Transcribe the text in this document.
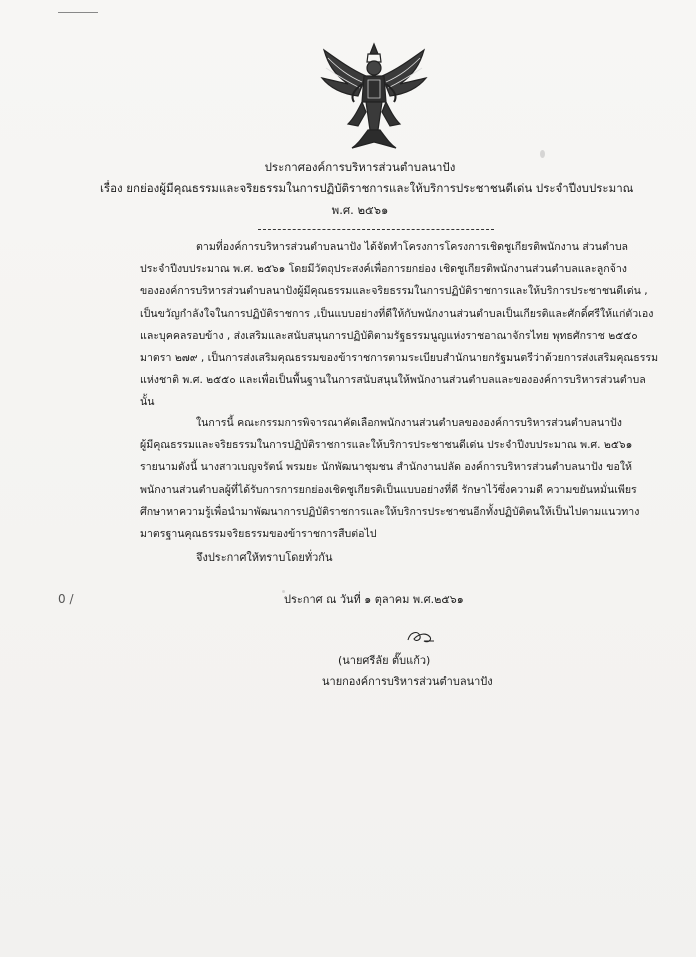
ประกาศองค์การบริหารส่วนตำบลนาปัง
เรื่อง ยกย่องผู้มีคุณธรรมและจริยธรรมในการปฏิบัติราชการและให้บริการประชาชนดีเด่น ประจำปีงบประมาณ
พ.ศ. ๒๕๖๑
ตามที่องค์การบริหารส่วนตำบลนาปัง ได้จัดทำโครงการโครงการเชิดชูเกียรติพนักงาน ส่วนตำบล
ประจำปีงบประมาณ พ.ศ. ๒๕๖๑ โดยมีวัตถุประสงค์เพื่อการยกย่อง เชิดชูเกียรติพนักงานส่วนตำบลและลูกจ้าง
ขององค์การบริหารส่วนตำบลนาปังผู้มีคุณธรรมและจริยธรรมในการปฏิบัติราชการและให้บริการประชาชนดีเด่น ,
เป็นขวัญกำลังใจในการปฏิบัติราชการ ,เป็นแบบอย่างที่ดีให้กับพนักงานส่วนตำบลเป็นเกียรติและศักดิ์ศรีให้แก่ตัวเอง
และบุคคลรอบข้าง , ส่งเสริมและสนับสนุนการปฏิบัติตามรัฐธรรมนูญแห่งราชอาณาจักรไทย พุทธศักราช ๒๕๕๐
มาตรา ๒๗๙ , เป็นการส่งเสริมคุณธรรมของข้าราชการตามระเบียบสำนักนายกรัฐมนตรีว่าด้วยการส่งเสริมคุณธรรม
แห่งชาติ พ.ศ. ๒๕๕๐ และเพื่อเป็นพื้นฐานในการสนับสนุนให้พนักงานส่วนตำบลและขององค์การบริหารส่วนตำบล
นั้น
ในการนี้ คณะกรรมการพิจารณาคัดเลือกพนักงานส่วนตำบลขององค์การบริหารส่วนตำบลนาปัง
ผู้มีคุณธรรมและจริยธรรมในการปฏิบัติราชการและให้บริการประชาชนดีเด่น ประจำปีงบประมาณ พ.ศ. ๒๕๖๑
รายนามดังนี้ นางสาวเบญจรัตน์ พรมยะ นักพัฒนาชุมชน สำนักงานปลัด องค์การบริหารส่วนตำบลนาปัง ขอให้
พนักงานส่วนตำบลผู้ที่ได้รับการการยกย่องเชิดชูเกียรติเป็นแบบอย่างที่ดี รักษาไว้ซึ่งความดี ความขยันหมั่นเพียร
ศึกษาหาความรู้เพื่อนำมาพัฒนาการปฏิบัติราชการและให้บริการประชาชนอีกทั้งปฏิบัติตนให้เป็นไปตามแนวทาง
มาตรฐานคุณธรรมจริยธรรมของข้าราชการสืบต่อไป
จึงประกาศให้ทราบโดยทั่วกัน
0 /	ประกาศ ณ วันที่ ๑ ตุลาคม พ.ศ.๒๕๖๑
(นายศรีลัย ตั๊บแก้ว)
นายกองค์การบริหารส่วนตำบลนาปัง
